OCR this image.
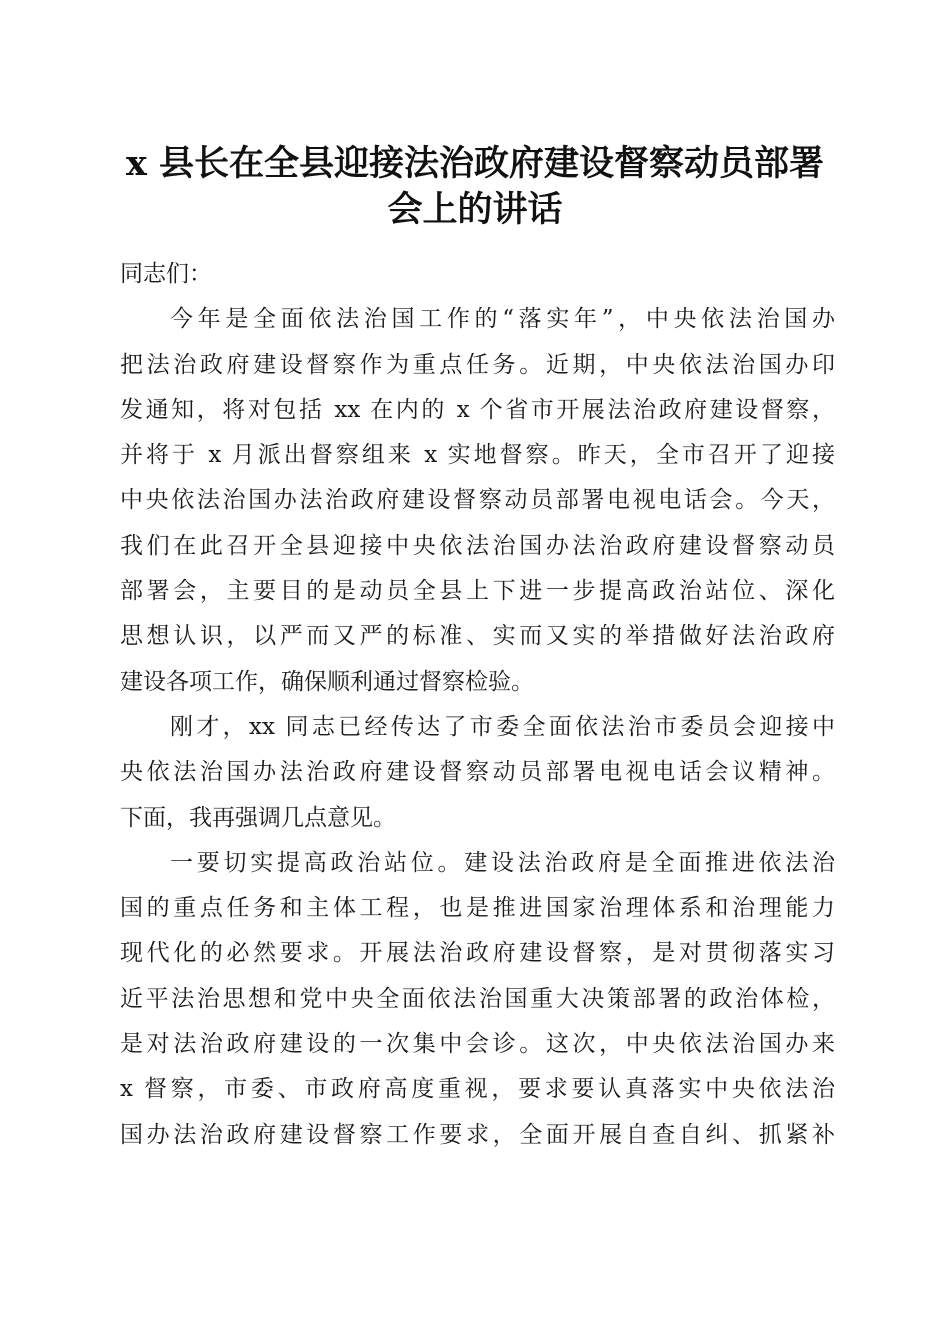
x 县长在全县迎接法治政府建设督察动员部署
会上的讲话
同志们：
今年是全面依法治国工作的“落实年”，中央依法治国办
把法治政府建设督察作为重点任务。近期，中央依法治国办印
发通知，将对包括 xx 在内的 x 个省市开展法治政府建设督察，
并将于 x 月派出督察组来 x 实地督察。昨天，全市召开了迎接
中央依法治国办法治政府建设督察动员部署电视电话会。今天，
我们在此召开全县迎接中央依法治国办法治政府建设督察动员
部署会，主要目的是动员全县上下进一步提高政治站位、深化
思想认识，以严而又严的标准、实而又实的举措做好法治政府
建设各项工作，确保顺利通过督察检验。
刚才，xx 同志已经传达了市委全面依法治市委员会迎接中
央依法治国办法治政府建设督察动员部署电视电话会议精神。
下面，我再强调几点意见。
一要切实提高政治站位。建设法治政府是全面推进依法治
国的重点任务和主体工程，也是推进国家治理体系和治理能力
现代化的必然要求。开展法治政府建设督察，是对贯彻落实习
近平法治思想和党中央全面依法治国重大决策部署的政治体检，
是对法治政府建设的一次集中会诊。这次，中央依法治国办来
x 督察，市委、市政府高度重视，要求要认真落实中央依法治
国办法治政府建设督察工作要求，全面开展自查自纠、抓紧补
